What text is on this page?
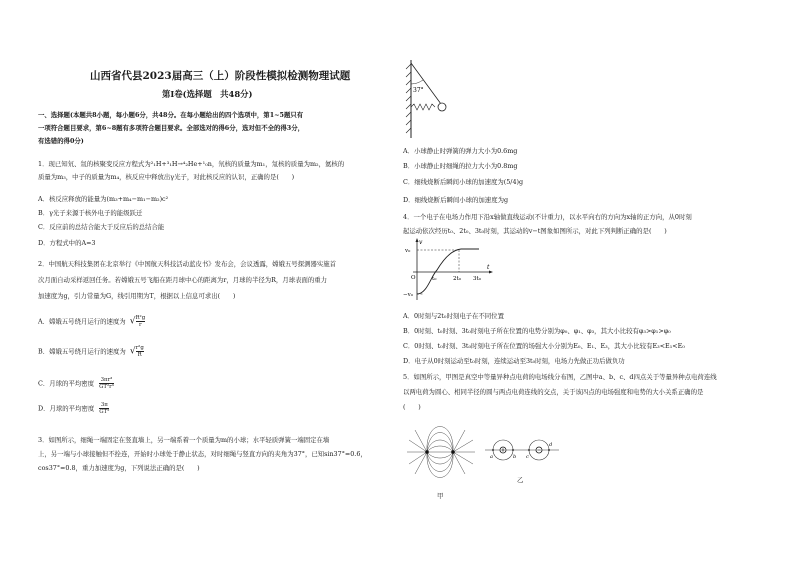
山西省代县2023届高三（上）阶段性模拟检测物理试题
第Ⅰ卷(选择题　共48分)
一、选择题(本题共8小题，每小题6分，共48分。在每小题给出的四个选项中，第1~5题只有
一项符合题目要求，第6~8题有多项符合题目要求。全部选对的得6分，选对但不全的得3分，
有选错的得0分)
1．现已知氘、氚的核聚变反应方程式为²₁H+³₁H→⁴₂He+¹₀n，氘核的质量为m₁，氚核的质量为m₂，氦核的
质量为m₃，中子的质量为m₄，核反应中释放出γ光子，对此核反应的认识，正确的是(　　)
A．核反应释放的能量为(m₃+m₄−m₁−m₂)c²
B．γ光子来源于核外电子的能级跃迁
C．反应前的总结合能大于反应后的总结合能
D．方程式中的A=3
2．中国航天科技集团在北京举行《中国航天科技活动蓝皮书》发布会，会议透露，嫦娥五号探测器实施首
次月面自动采样返回任务。若嫦娥五号飞船在距月球中心的距离为r，月球的半径为R，月球表面的重力
加速度为g，引力常量为G，线引用期为T，根据以上信息可求出(　　)
A．嫦娥五号绕月运行的速度为 √ $\frac{\text{R²g}}{r}$
B．嫦娥五号绕月运行的速度为 √ $\frac{\text{r²g}}{R}$
C．月球的平均密度 $\frac{\text{3πr³}}{\text{GT²r³}}$
D．月球的平均密度 $\frac{3\pi}{\text{GT²}}$
3．如图所示，细绳一端固定在竖直墙上，另一端系着一个质量为m的小球；水平轻质弹簧一端固定在墙
上，另一端与小球接触但不拴连，开始时小球处于静止状态，对时细绳与竖直方向的夹角为37°，已知sin37°=0.6，
cos37°=0.8，重力加速度为g，下列说法正确的是(　　)
37°
A．小球静止时弹簧的弹力大小为0.6mg
B．小球静止时细绳的拉力大小为0.8mg
C．细线烧断后瞬间小球的加速度为(5/4)g
D．细线烧断后瞬间小球的加速度为g
4．一个电子在电场力作用下沿x轴做直线运动(不计重力)，以水平向右的方向为x轴的正方向，从0时刻
起运动依次经历t₀、2t₀、3t₀时刻，其运动的v−t图象如图所示，对此下列判断正确的是(　　)
v
t
v₀
−v₀
O	t₀	2t₀ 3t₀
A．0时刻与2t₀时刻电子在不同位置
B．0时刻、t₀时刻、3t₀时刻电子所在位置的电势分别为φ₀、φ₁、φ₃，其大小比较有φ₃>φ₁>φ₀
C．0时刻、t₀时刻、3t₀时刻电子所在位置的场强大小分别为E₀、E₁、E₃，其大小比较有E₃<E₁<E₀
D．电子从0时刻运动至t₀时刻，连续运动至3t₀时刻，电场力先做正功后做负功
5．如图所示，甲图是真空中等量异种点电荷的电场线分布图，乙图中a、b、c、d四点关于等量异种点电荷连线
以两电荷为圆心、相同半径的圆与两点电荷连线的交点，关于该四点的电场强度和电势的大小关系正确的是
(　　)
甲
a	b c
d
乙
